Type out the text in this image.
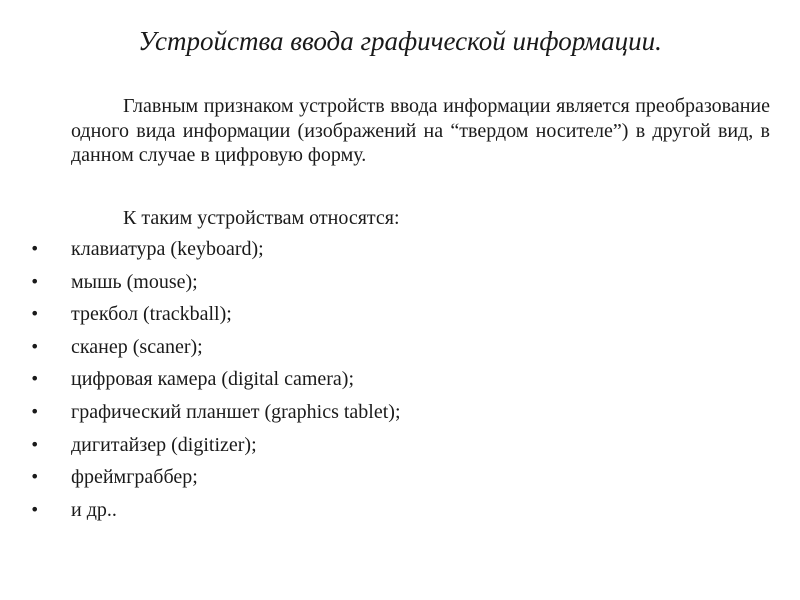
Устройства ввода графической информации.

Главным признаком устройств ввода информации является преобразование одного вида информации (изображений на “твердом носителе”) в другой вид, в данном случае в цифровую форму.

К таким устройствам относятся:
• клавиатура (keyboard);
• мышь (mouse);
• трекбол (trackball);
• сканер (scaner);
• цифровая камера (digital camera);
• графический планшет (graphics tablet);
• дигитайзер (digitizer);
• фреймграббер;
• и др..
